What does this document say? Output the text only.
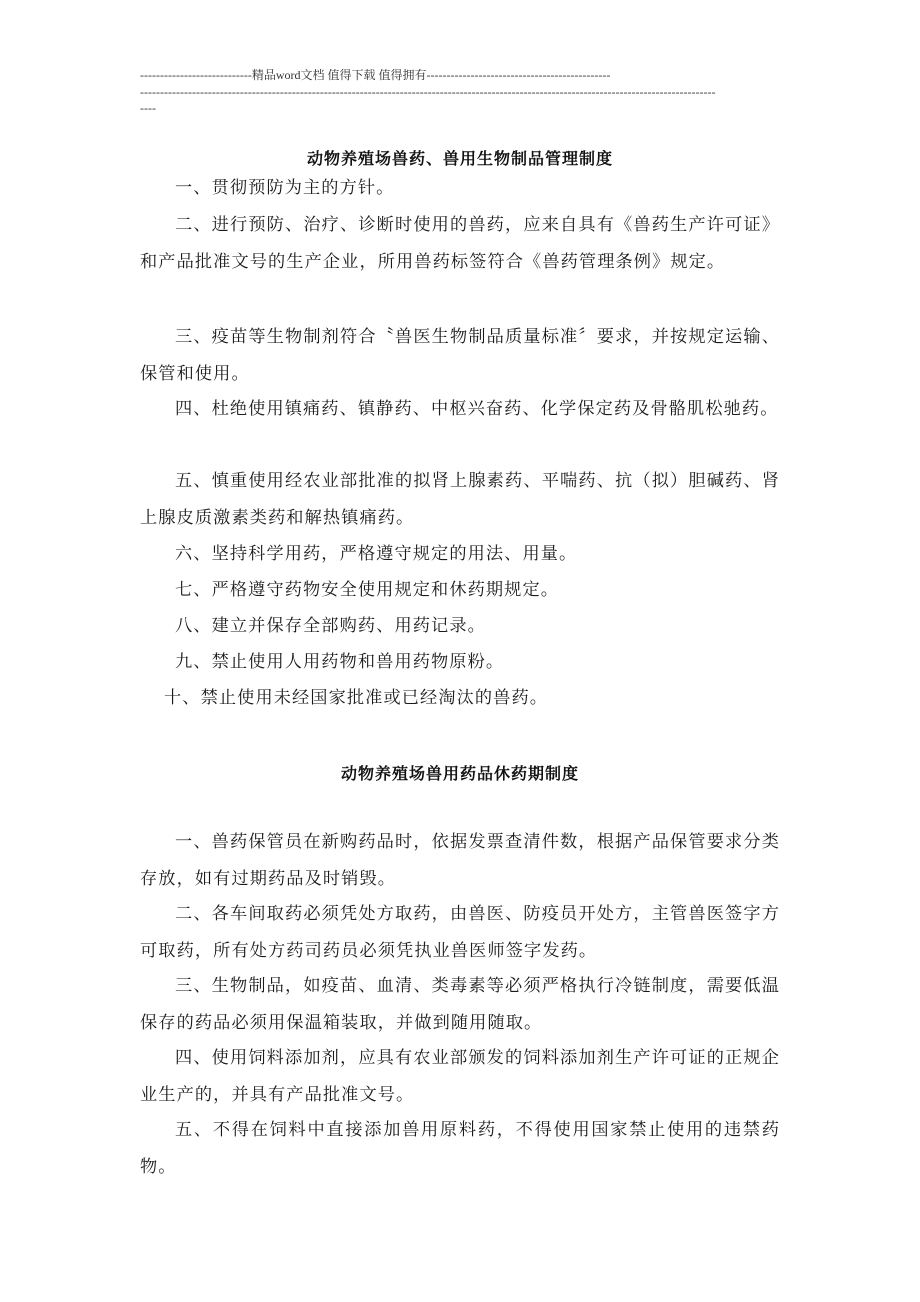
----------------------------精品word文档 值得下载 值得拥有----------------------------------------------
------------------------------------------------------------------------------------------------------------------------------------------------
----
动物养殖场兽药、兽用生物制品管理制度

一、贯彻预防为主的方针。

二、进行预防、治疗、诊断时使用的兽药，应来自具有《兽药生产许可证》和产品批准文号的生产企业，所用兽药标签符合《兽药管理条例》规定。

三、疫苗等生物制剂符合〝兽医生物制品质量标准〞要求，并按规定运输、保管和使用。

四、杜绝使用镇痛药、镇静药、中枢兴奋药、化学保定药及骨骼肌松驰药。

五、慎重使用经农业部批准的拟肾上腺素药、平喘药、抗（拟）胆碱药、肾上腺皮质激素类药和解热镇痛药。

六、坚持科学用药，严格遵守规定的用法、用量。

七、严格遵守药物安全使用规定和休药期规定。

八、建立并保存全部购药、用药记录。

九、禁止使用人用药物和兽用药物原粉。

十、禁止使用未经国家批准或已经淘汰的兽药。

动物养殖场兽用药品休药期制度

一、兽药保管员在新购药品时，依据发票查清件数，根据产品保管要求分类存放，如有过期药品及时销毁。

二、各车间取药必须凭处方取药，由兽医、防疫员开处方，主管兽医签字方可取药，所有处方药司药员必须凭执业兽医师签字发药。

三、生物制品，如疫苗、血清、类毒素等必须严格执行冷链制度，需要低温保存的药品必须用保温箱装取，并做到随用随取。

四、使用饲料添加剂，应具有农业部颁发的饲料添加剂生产许可证的正规企业生产的，并具有产品批准文号。

五、不得在饲料中直接添加兽用原料药，不得使用国家禁止使用的违禁药物。
